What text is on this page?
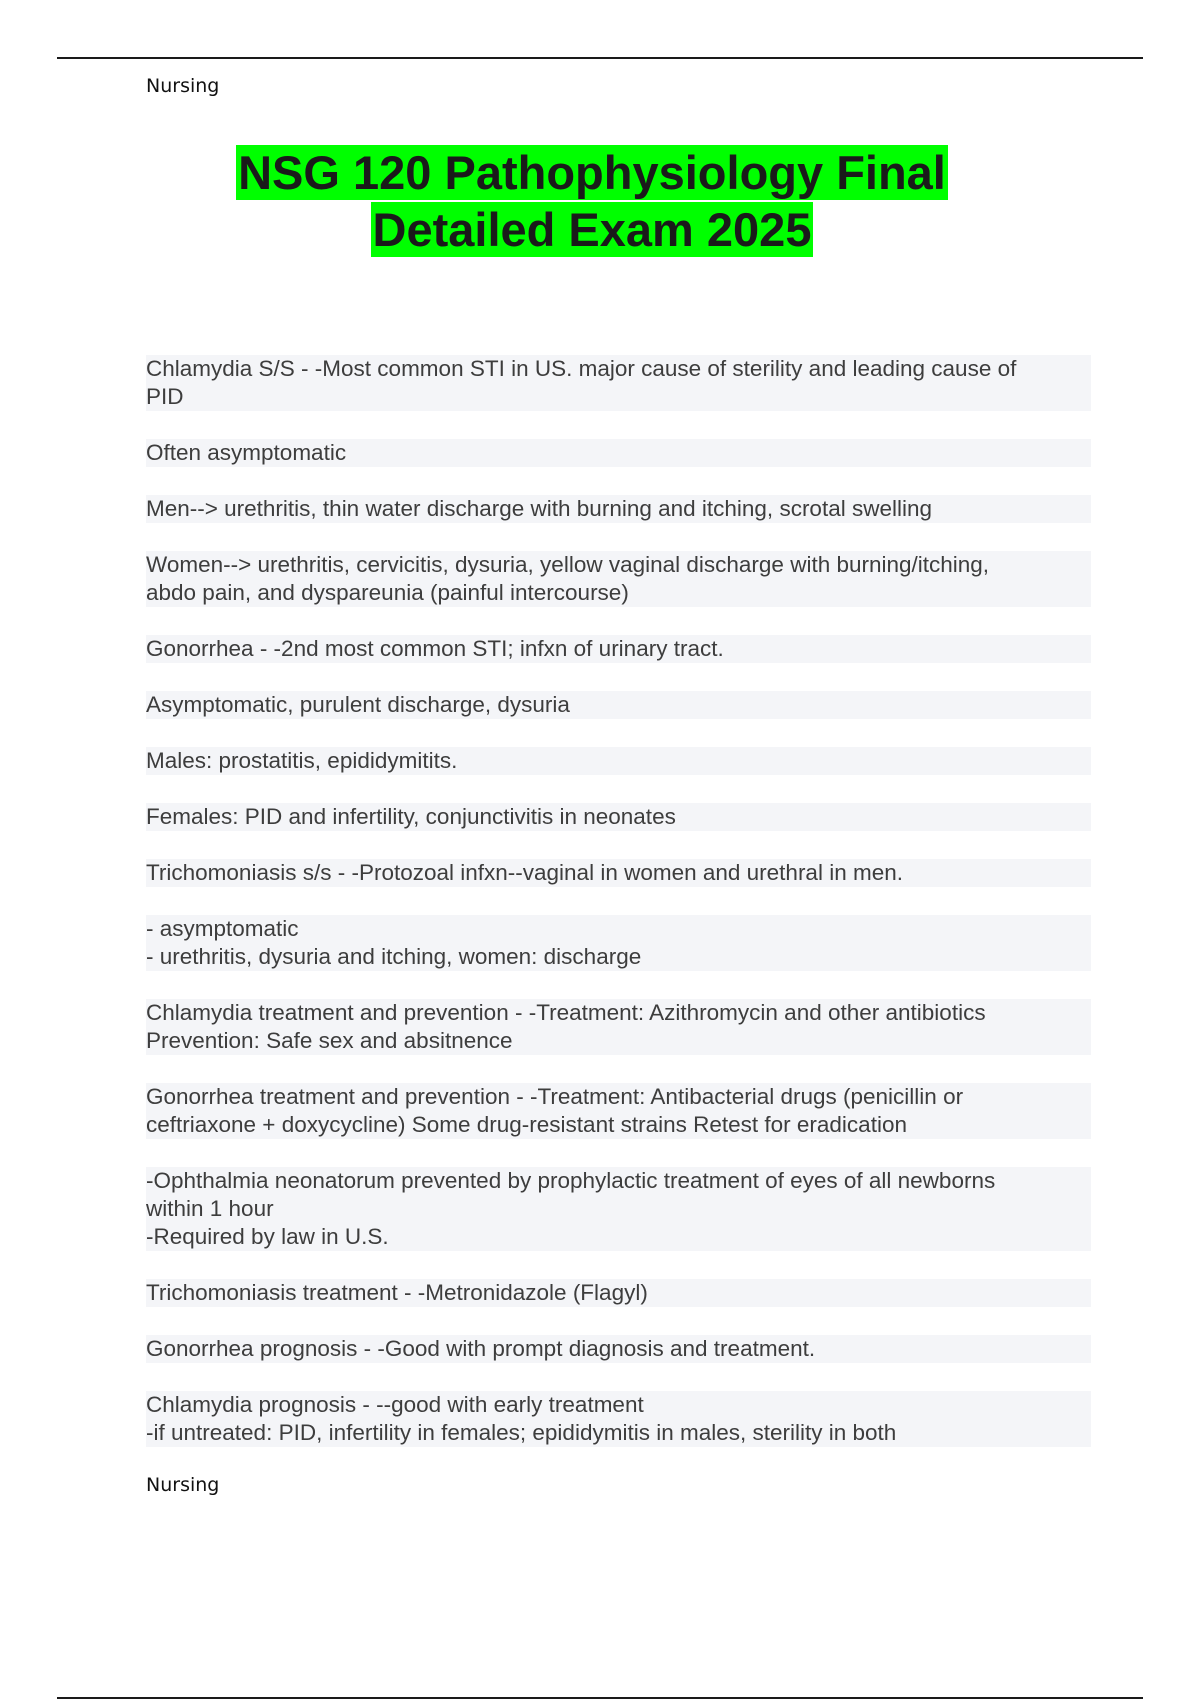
Nursing
NSG 120 Pathophysiology Final
Detailed Exam 2025
Chlamydia S/S - -Most common STI in US. major cause of sterility and leading cause of
PID
Often asymptomatic
Men--> urethritis, thin water discharge with burning and itching, scrotal swelling
Women--> urethritis, cervicitis, dysuria, yellow vaginal discharge with burning/itching,
abdo pain, and dyspareunia (painful intercourse)
Gonorrhea - -2nd most common STI; infxn of urinary tract.
Asymptomatic, purulent discharge, dysuria
Males: prostatitis, epididymitits.
Females: PID and infertility, conjunctivitis in neonates
Trichomoniasis s/s - -Protozoal infxn--vaginal in women and urethral in men.
- asymptomatic
- urethritis, dysuria and itching, women: discharge
Chlamydia treatment and prevention - -Treatment: Azithromycin and other antibiotics
Prevention: Safe sex and absitnence
Gonorrhea treatment and prevention - -Treatment: Antibacterial drugs (penicillin or
ceftriaxone + doxycycline) Some drug-resistant strains Retest for eradication
-Ophthalmia neonatorum prevented by prophylactic treatment of eyes of all newborns
within 1 hour
-Required by law in U.S.
Trichomoniasis treatment - -Metronidazole (Flagyl)
Gonorrhea prognosis - -Good with prompt diagnosis and treatment.
Chlamydia prognosis - --good with early treatment
-if untreated: PID, infertility in females; epididymitis in males, sterility in both
Nursing
